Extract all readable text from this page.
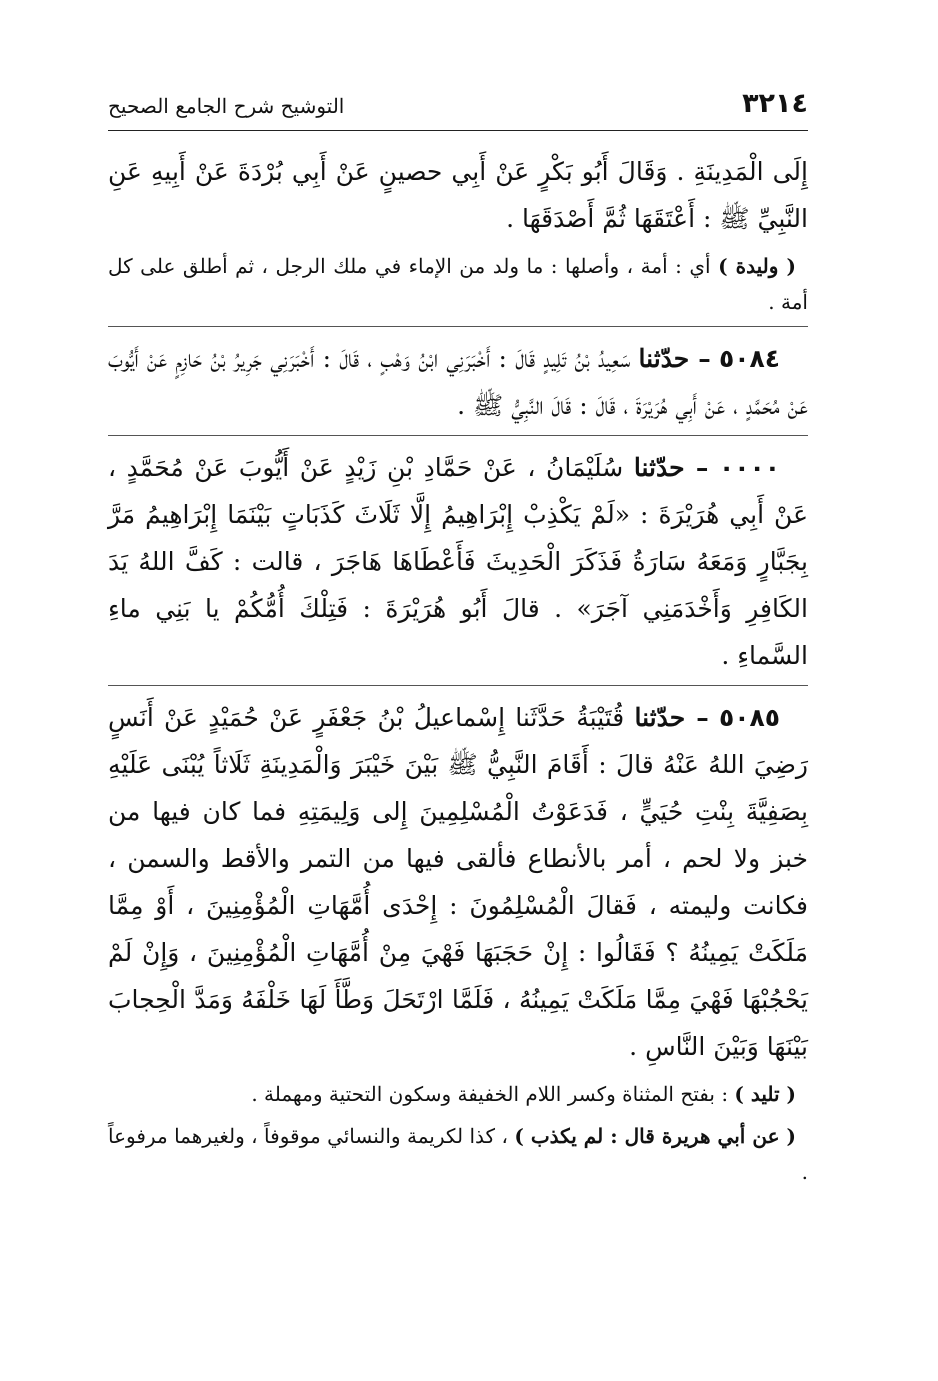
٣٢١٤
التوشيح شرح الجامع الصحيح

إِلَى الْمَدِينَةِ . وَقَالَ أَبُو بَكْرٍ عَنْ أَبِي حصينٍ عَنْ أَبِي بُرْدَةَ عَنْ أَبِيهِ عَنِ النَّبِيِّ ﷺ : أَعْتَقَهَا ثُمَّ أَصْدَقَهَا .

( وليدة ) أي : أمة ، وأصلها : ما ولد من الإماء في ملك الرجل ، ثم أطلق على كل أمة .

٥٠٨٤ – حدّثنا سَعِيدُ بْنُ تَلِيدٍ قَالَ : أَخْبَرَنِي ابْنُ وَهْبٍ ، قَالَ : أَخْبَرَنِي جَرِيرُ بْنُ حَازِمٍ عَنْ أَيُّوبَ عَنْ مُحَمَّدٍ ، عَنْ أَبِي هُرَيْرَةَ ، قَالَ : قَالَ النَّبِيُّ ﷺ .

٠٠٠٠ – حدّثنا سُلَيْمَانُ ، عَنْ حَمَّادِ بْنِ زَيْدٍ عَنْ أَيُّوبَ عَنْ مُحَمَّدٍ ، عَنْ أَبِي هُرَيْرَةَ : «لَمْ يَكْذِبْ إِبْرَاهِيمُ إِلَّا ثَلَاثَ كَذَبَاتٍ بَيْنَمَا إِبْرَاهِيمُ مَرَّ بِجَبَّارٍ وَمَعَهُ سَارَةُ فَذَكَرَ الْحَدِيثَ فَأَعْطَاهَا هَاجَرَ ، قالت : كَفَّ اللهُ يَدَ الكَافِرِ وَأَخْدَمَنِي آجَرَ» . قالَ أَبُو هُرَيْرَةَ : فَتِلْكَ أُمُّكُمْ يا بَنِي ماءِ السَّماءِ .

٥٠٨٥ – حدّثنا قُتَيْبَةُ حَدَّثَنا إِسْماعيلُ بْنُ جَعْفَرٍ عَنْ حُمَيْدٍ عَنْ أَنَسٍ رَضِيَ اللهُ عَنْهُ قالَ : أَقَامَ النَّبِيُّ ﷺ بَيْنَ خَيْبَرَ وَالْمَدِينَةِ ثَلَاثاً يُبْنَى عَلَيْهِ بِصَفِيَّةَ بِنْتِ حُيَيٍّ ، فَدَعَوْتُ الْمُسْلِمِينَ إِلى وَلِيمَتِهِ فما كان فيها من خبز ولا لحم ، أمر بالأنطاع فألقى فيها من التمر والأقط والسمن ، فكانت وليمته ، فَقالَ الْمُسْلِمُونَ : إِحْدَى أُمَّهَاتِ الْمُؤْمِنِينَ ، أَوْ مِمَّا مَلَكَتْ يَمِينُهُ ؟ فَقَالُوا : إِنْ حَجَبَهَا فَهْيَ مِنْ أُمَّهَاتِ الْمُؤْمِنِينَ ، وَإِنْ لَمْ يَحْجُبْهَا فَهْيَ مِمَّا مَلَكَتْ يَمِينُهُ ، فَلَمَّا ارْتَحَلَ وَطَّأَ لَهَا خَلْفَهُ وَمَدَّ الْحِجابَ بَيْنَهَا وَبَيْنَ النَّاسِ .

( تليد ) : بفتح المثناة وكسر اللام الخفيفة وسكون التحتية ومهملة .

( عن أبي هريرة قال : لم يكذب ) ، كذا لكريمة والنسائي موقوفاً ، ولغيرهما مرفوعاً .
